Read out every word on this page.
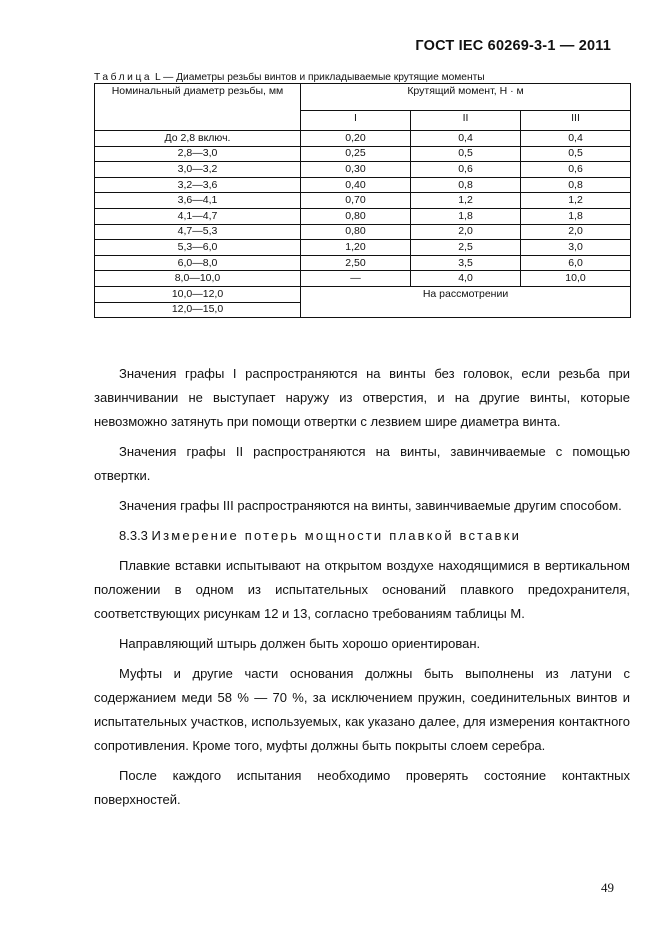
ГОСТ IEC 60269-3-1 — 2011
Таблица L — Диаметры резьбы винтов и прикладываемые крутящие моменты
Номинальный диаметр резьбы, мм	Крутящий момент, Н · м		
	I	II	III
До 2,8 включ.	0,20	0,4	0,4
2,8—3,0	0,25	0,5	0,5
3,0—3,2	0,30	0,6	0,6
3,2—3,6	0,40	0,8	0,8
3,6—4,1	0,70	1,2	1,2
4,1—4,7	0,80	1,8	1,8
4,7—5,3	0,80	2,0	2,0
5,3—6,0	1,20	2,5	3,0
6,0—8,0	2,50	3,5	6,0
8,0—10,0	—	4,0	10,0
10,0—12,0	На рассмотрении		
12,0—15,0			

Значения графы I распространяются на винты без головок, если резьба при завинчивании не выступает наружу из отверстия, и на другие винты, которые невозможно затянуть при помощи отвертки с лезвием шире диаметра винта.

Значения графы II распространяются на винты, завинчиваемые с помощью отвертки.

Значения графы III распространяются на винты, завинчиваемые другим способом.

8.3.3 Измерение потерь мощности плавкой вставки

Плавкие вставки испытывают на открытом воздухе находящимися в вертикальном положении в одном из испытательных оснований плавкого предохранителя, соответствующих рисункам 12 и 13, согласно требованиям таблицы М.

Направляющий штырь должен быть хорошо ориентирован.

Муфты и другие части основания должны быть выполнены из латуни с содержанием меди 58 % — 70 %, за исключением пружин, соединительных винтов и испытательных участков, используемых, как указано далее, для измерения контактного сопротивления. Кроме того, муфты должны быть покрыты слоем серебра.

После каждого испытания необходимо проверять состояние контактных поверхностей.

49
